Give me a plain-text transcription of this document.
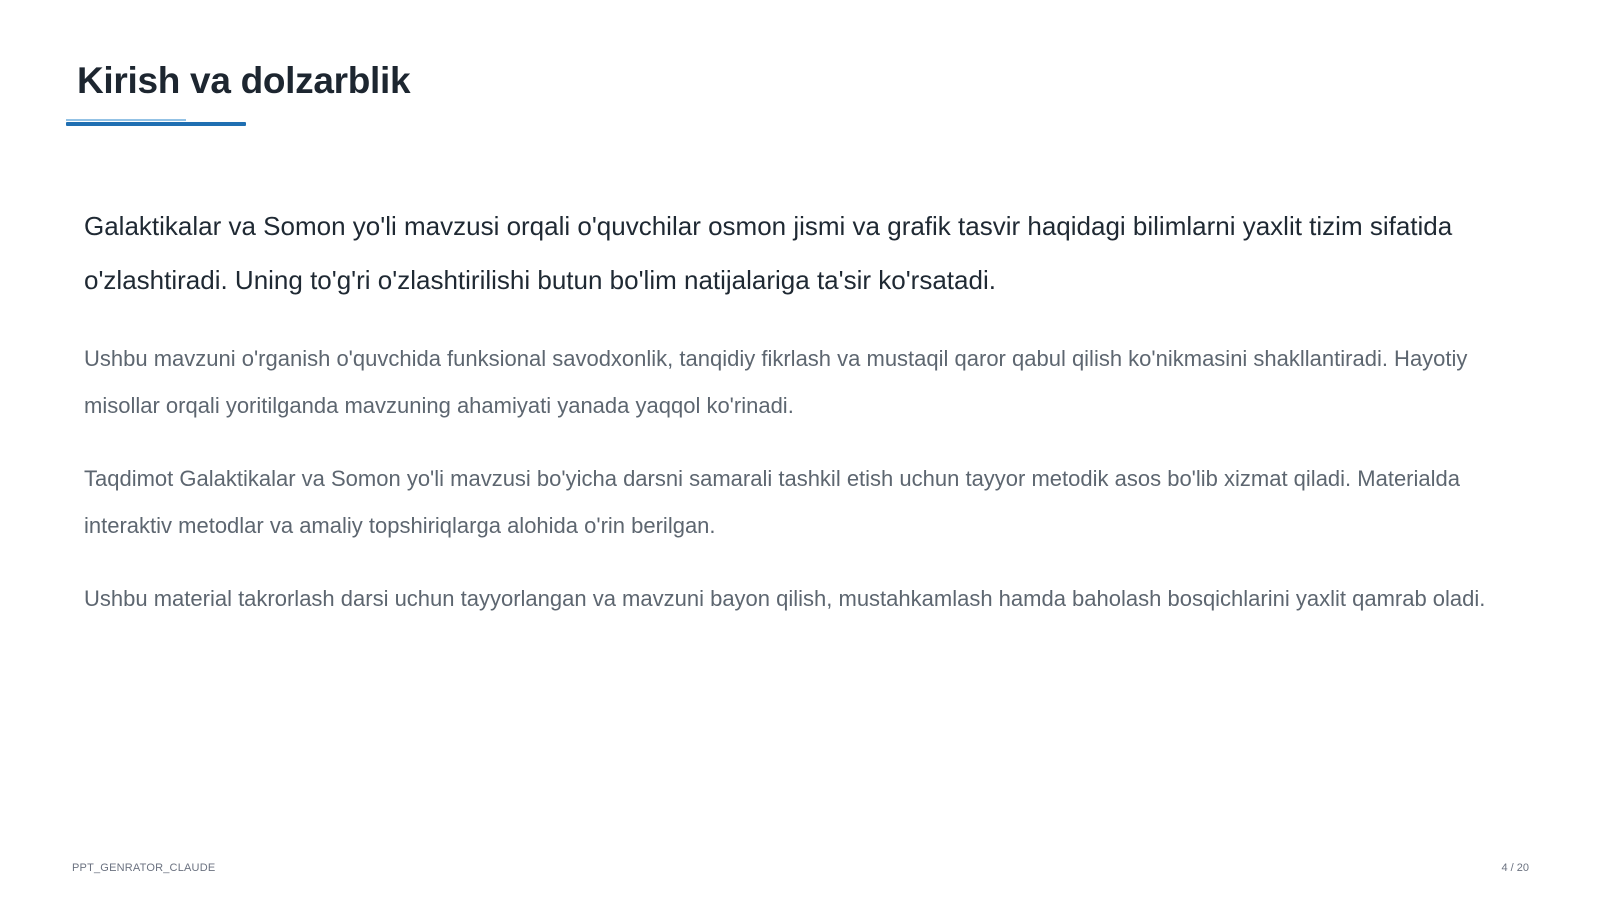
Kirish va dolzarblik

Galaktikalar va Somon yo'li mavzusi orqali o'quvchilar osmon jismi va grafik tasvir haqidagi bilimlarni yaxlit tizim sifatida o'zlashtiradi. Uning to'g'ri o'zlashtirilishi butun bo'lim natijalariga ta'sir ko'rsatadi.

Ushbu mavzuni o'rganish o'quvchida funksional savodxonlik, tanqidiy fikrlash va mustaqil qaror qabul qilish ko'nikmasini shakllantiradi. Hayotiy misollar orqali yoritilganda mavzuning ahamiyati yanada yaqqol ko'rinadi.

Taqdimot Galaktikalar va Somon yo'li mavzusi bo'yicha darsni samarali tashkil etish uchun tayyor metodik asos bo'lib xizmat qiladi. Materialda interaktiv metodlar va amaliy topshiriqlarga alohida o'rin berilgan.

Ushbu material takrorlash darsi uchun tayyorlangan va mavzuni bayon qilish, mustahkamlash hamda baholash bosqichlarini yaxlit qamrab oladi.

PPT_GENRATOR_CLAUDE	4 / 20
